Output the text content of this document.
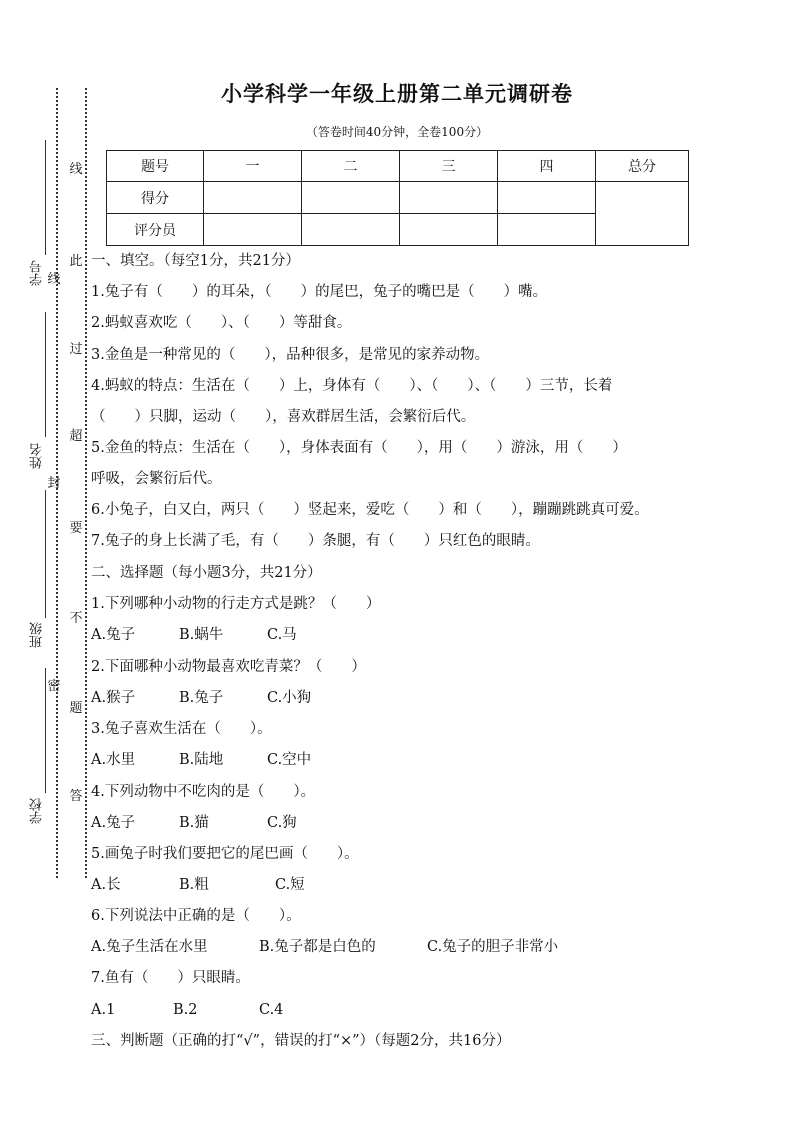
学号
姓名
班级
学校
线
此
过
超
要
不
题
答
线
封
密
小学科学一年级上册第二单元调研卷
（答卷时间40分钟，全卷100分）
题号	一	二	三	四	总分
得分					
评分员					
一、填空。（每空1分，共21分）
1.兔子有（　　）的耳朵，（　　）的尾巴，兔子的嘴巴是（　　）嘴。
2.蚂蚁喜欢吃（　　）、（　　）等甜食。
3.金鱼是一种常见的（　　），品种很多，是常见的家养动物。
4.蚂蚁的特点：生活在（　　）上，身体有（　　）、（　　）、（　　）三节，长着
（　　）只脚，运动（　　），喜欢群居生活，会繁衍后代。
5.金鱼的特点：生活在（　　），身体表面有（　　），用（　　）游泳，用（　　）
呼吸，会繁衍后代。
6.小兔子，白又白，两只（　　）竖起来，爱吃（　　）和（　　），蹦蹦跳跳真可爱。
7.兔子的身上长满了毛，有（　　）条腿，有（　　）只红色的眼睛。
二、选择题（每小题3分，共21分）
1.下列哪种小动物的行走方式是跳？（　　）
A.兔子	B.蜗牛	C.马
2.下面哪种小动物最喜欢吃青菜？（　　）
A.猴子	B.兔子	C.小狗
3.兔子喜欢生活在（　　）。
A.水里	B.陆地	C.空中
4.下列动物中不吃肉的是（　　）。
A.兔子	B.猫	C.狗
5.画兔子时我们要把它的尾巴画（　　）。
A.长	B.粗	C.短
6.下列说法中正确的是（　　）。
A.兔子生活在水里	B.兔子都是白色的	C.兔子的胆子非常小
7.鱼有（　　）只眼睛。
A.1	B.2	C.4
三、判断题（正确的打“√”，错误的打“×”）（每题2分，共16分）
